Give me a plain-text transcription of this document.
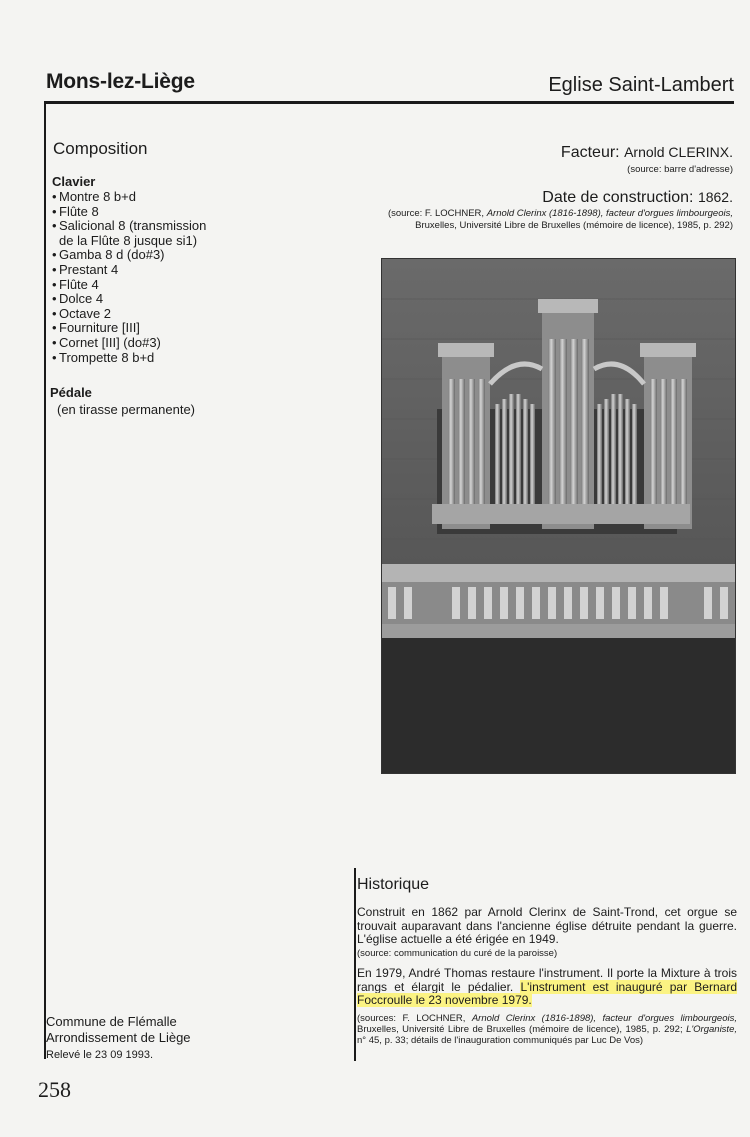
Mons-lez-Liège	Eglise Saint-Lambert
Composition
Clavier
• Montre 8 b+d
• Flûte 8
• Salicional 8 (transmission
de la Flûte 8 jusque si1)
• Gamba 8 d (do#3)
• Prestant 4
• Flûte 4
• Dolce 4
• Octave 2
• Fourniture [III]
• Cornet [III] (do#3)
• Trompette 8 b+d
Pédale
(en tirasse permanente)
Facteur: Arnold CLERINX.
(source: barre d'adresse)
Date de construction: 1862.
(source: F. LOCHNER, Arnold Clerinx (1816-1898), facteur d'orgues limbourgeois,
Bruxelles, Université Libre de Bruxelles (mémoire de licence), 1985, p. 292)
Historique
Construit en 1862 par Arnold Clerinx de Saint-Trond, cet orgue se trouvait auparavant dans l'ancienne église détruite pendant la guerre. L'église actuelle a été érigée en 1949.
(source: communication du curé de la paroisse)
En 1979, André Thomas restaure l'instrument. Il porte la Mixture à trois rangs et élargit le pédalier. L'instrument est inauguré par Bernard Foccroulle le 23 novembre 1979.
(sources: F. LOCHNER, Arnold Clerinx (1816-1898), facteur d'orgues limbourgeois, Bruxelles, Université Libre de Bruxelles (mémoire de licence), 1985, p. 292; L'Organiste, n° 45, p. 33; détails de l'inauguration communiqués par Luc De Vos)
Commune de Flémalle
Arrondissement de Liège
Relevé le 23 09 1993.
258
